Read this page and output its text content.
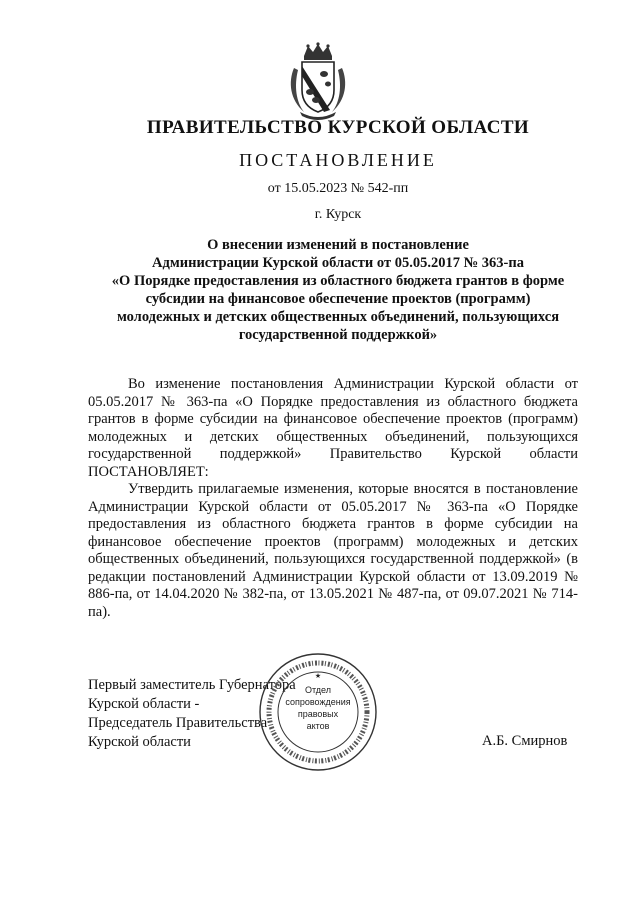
ПРАВИТЕЛЬСТВО КУРСКОЙ ОБЛАСТИ
ПОСТАНОВЛЕНИЕ
от 15.05.2023 № 542-пп
г. Курск
О внесении изменений в постановление
Администрации Курской области от 05.05.2017 № 363-па
«О Порядке предоставления из областного бюджета грантов в форме
субсидии на финансовое обеспечение проектов (программ)
молодежных и детских общественных объединений, пользующихся
государственной поддержкой»

Во изменение постановления Администрации Курской области от 05.05.2017 № 363-па «О Порядке предоставления из областного бюджета грантов в форме субсидии на финансовое обеспечение проектов (программ) молодежных и детских общественных объединений, пользующихся государственной поддержкой» Правительство Курской области ПОСТАНОВЛЯЕТ:

Утвердить прилагаемые изменения, которые вносятся в постановление Администрации Курской области от 05.05.2017 № 363-па «О Порядке предоставления из областного бюджета грантов в форме субсидии на финансовое обеспечение проектов (программ) молодежных и детских общественных объединений, пользующихся государственной поддержкой» (в редакции постановлений Администрации Курской области от 13.09.2019 № 886-па, от 14.04.2020 № 382-па, от 13.05.2021 № 487-па, от 09.07.2021 № 714-па).

Первый заместитель Губернатора
Курской области -
Председатель Правительства
Курской области	А.Б. Смирнов
★
Отдел
сопровождения
правовых
актов
